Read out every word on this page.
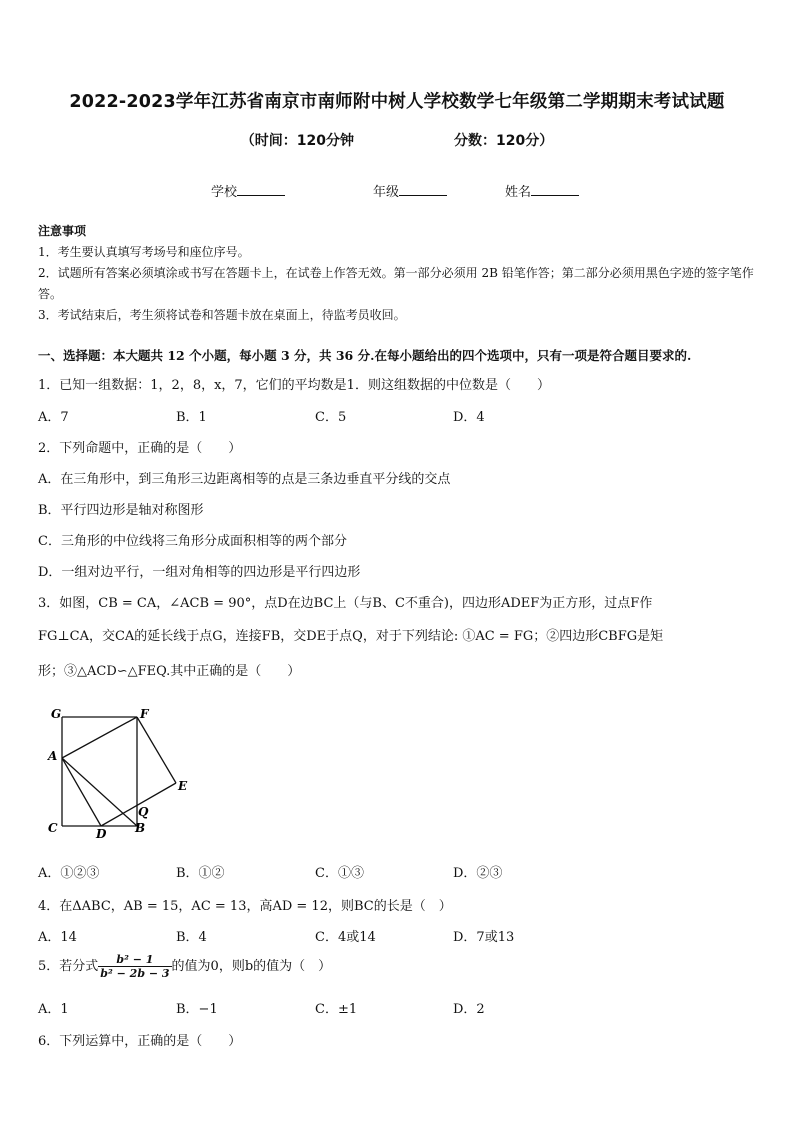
2022-2023学年江苏省南京市南师附中树人学校数学七年级第二学期期末考试试题
（时间：120分钟	分数：120分）
学校	年级	姓名
注意事项
1．考生要认真填写考场号和座位序号。
2．试题所有答案必须填涂或书写在答题卡上，在试卷上作答无效。第一部分必须用 2B 铅笔作答；第二部分必须用黑色字迹的签字笔作答。
3．考试结束后，考生须将试卷和答题卡放在桌面上，待监考员收回。
一、选择题：本大题共 12 个小题，每小题 3 分，共 36 分.在每小题给出的四个选项中，只有一项是符合题目要求的.
1．已知一组数据：1，2，8，x，7，它们的平均数是1．则这组数据的中位数是（　　）
A．7	B．1	C．5	D．4
2．下列命题中，正确的是（　　）
A．在三角形中，到三角形三边距离相等的点是三条边垂直平分线的交点
B．平行四边形是轴对称图形
C．三角形的中位线将三角形分成面积相等的两个部分
D．一组对边平行，一组对角相等的四边形是平行四边形
3．如图，CB = CA，∠ACB = 90°，点D在边BC上（与B、C不重合)，四边形ADEF为正方形，过点F作
FG⊥CA，交CA的延长线于点G，连接FB，交DE于点Q，对于下列结论: ①AC = FG；②四边形CBFG是矩
形；③△ACD∽△FEQ.其中正确的是（　　）
G	F
A
E
Q
C	D B
A．①②③	B．①②	C．①③	D．②③
4．在ΔABC，AB = 15，AC = 13，高AD = 12，则BC的长是（　）
A．14	B．4	C．4或14	D．7或13
5．若分式 $\frac{\text{b² − 1}}{\text{b² − 2b − 3}}$ 的值为0，则b的值为（　）
A．1	B．−1	C．±1	D．2
6．下列运算中，正确的是（　　）
